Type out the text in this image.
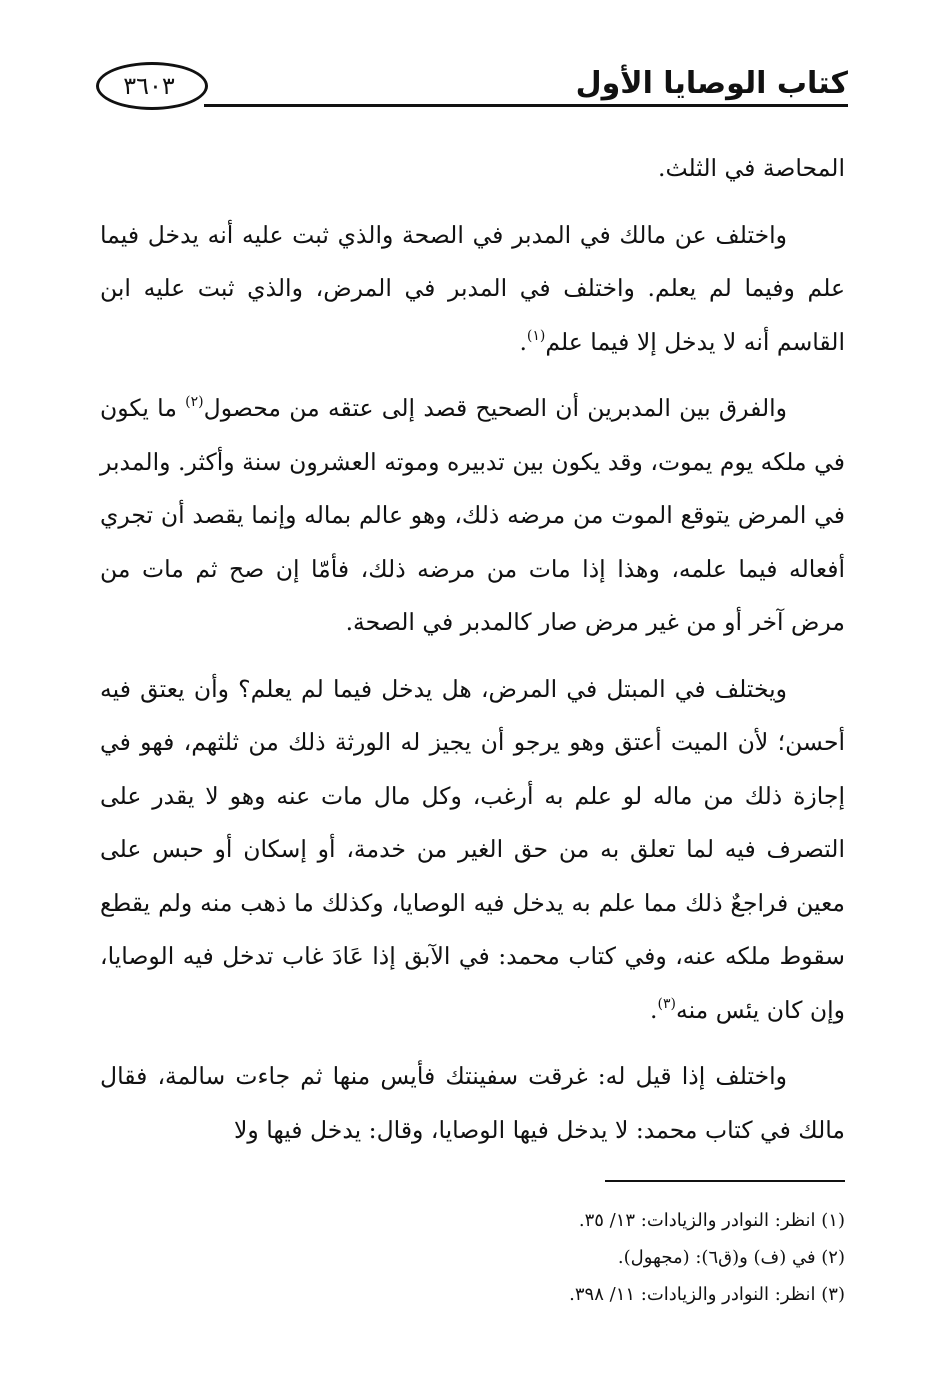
كتاب الوصايا الأول
٣٦٠٣

المحاصة في الثلث.

واختلف عن مالك في المدبر في الصحة والذي ثبت عليه أنه يدخل فيما علم وفيما لم يعلم. واختلف في المدبر في المرض، والذي ثبت عليه ابن القاسم أنه لا يدخل إلا فيما علم$^{(١)}$.

والفرق بين المدبرين أن الصحيح قصد إلى عتقه من محصول$^{(٢)}$ ما يكون في ملكه يوم يموت، وقد يكون بين تدبيره وموته العشرون سنة وأكثر. والمدبر في المرض يتوقع الموت من مرضه ذلك، وهو عالم بماله وإنما يقصد أن تجري أفعاله فيما علمه، وهذا إذا مات من مرضه ذلك، فأمّا إن صح ثم مات من مرض آخر أو من غير مرض صار كالمدبر في الصحة.

ويختلف في المبتل في المرض، هل يدخل فيما لم يعلم؟ وأن يعتق فيه أحسن؛ لأن الميت أعتق وهو يرجو أن يجيز له الورثة ذلك من ثلثهم، فهو في إجازة ذلك من ماله لو علم به أرغب، وكل مال مات عنه وهو لا يقدر على التصرف فيه لما تعلق به من حق الغير من خدمة، أو إسكان أو حبس على معين فراجعٌ ذلك مما علم به يدخل فيه الوصايا، وكذلك ما ذهب منه ولم يقطع سقوط ملكه عنه، وفي كتاب محمد: في الآبق إذا عَادَ غاب تدخل فيه الوصايا، وإن كان يئس منه$^{(٣)}$.

واختلف إذا قيل له: غرقت سفينتك فأيس منها ثم جاءت سالمة، فقال مالك في كتاب محمد: لا يدخل فيها الوصايا، وقال: يدخل فيها ولا

(١) انظر: النوادر والزيادات: ١٣/ ٣٥.

(٢) في (ف) و(ق٦): (مجهول).

(٣) انظر: النوادر والزيادات: ١١/ ٣٩٨.
